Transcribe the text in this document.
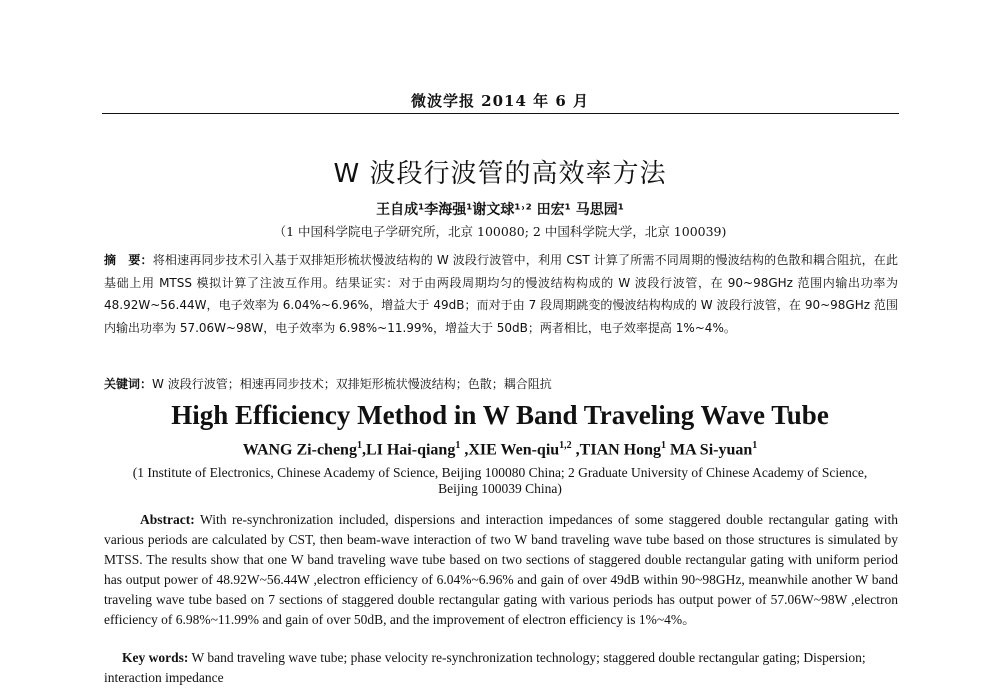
微波学报 2014 年 6 月
W 波段行波管的高效率方法
王自成¹李海强¹谢文球¹˒² 田宏¹ 马思园¹
（1 中国科学院电子学研究所，北京 100080; 2 中国科学院大学，北京 100039)
摘　要：将相速再同步技术引入基于双排矩形梳状慢波结构的 W 波段行波管中，利用 CST 计算了所需不同周期的慢波结构的色散和耦合阻抗，在此基础上用 MTSS 模拟计算了注波互作用。结果证实：对于由两段周期均匀的慢波结构构成的 W 波段行波管，在 90~98GHz 范围内输出功率为 48.92W~56.44W，电子效率为 6.04%~6.96%，增益大于 49dB；而对于由 7 段周期跳变的慢波结构构成的 W 波段行波管，在 90~98GHz 范围内输出功率为 57.06W~98W，电子效率为 6.98%~11.99%，增益大于 50dB；两者相比，电子效率提高 1%~4%。
关键词：W 波段行波管；相速再同步技术；双排矩形梳状慢波结构；色散；耦合阻抗
High Efficiency Method in W Band Traveling Wave Tube
WANG Zi-cheng$^1$,LI Hai-qiang$^1$ ,XIE Wen-qiu$^{1,2}$ ,TIAN Hong$^1$ MA Si-yuan$^1$
(1 Institute of Electronics, Chinese Academy of Science, Beijing 100080 China; 2 Graduate University of Chinese Academy of Science, Beijing 100039 China)
Abstract: With re-synchronization included, dispersions and interaction impedances of some staggered double rectangular gating with various periods are calculated by CST, then beam-wave interaction of two W band traveling wave tube based on those structures is simulated by MTSS. The results show that one W band traveling wave tube based on two sections of staggered double rectangular gating with uniform period has output power of 48.92W~56.44W ,electron efficiency of 6.04%~6.96% and gain of over 49dB within 90~98GHz, meanwhile another W band traveling wave tube based on 7 sections of staggered double rectangular gating with various periods has output power of 57.06W~98W ,electron efficiency of 6.98%~11.99% and gain of over 50dB, and the improvement of electron efficiency is 1%~4%。
Key words: W band traveling wave tube; phase velocity re-synchronization technology; staggered double rectangular gating; Dispersion; interaction impedance
